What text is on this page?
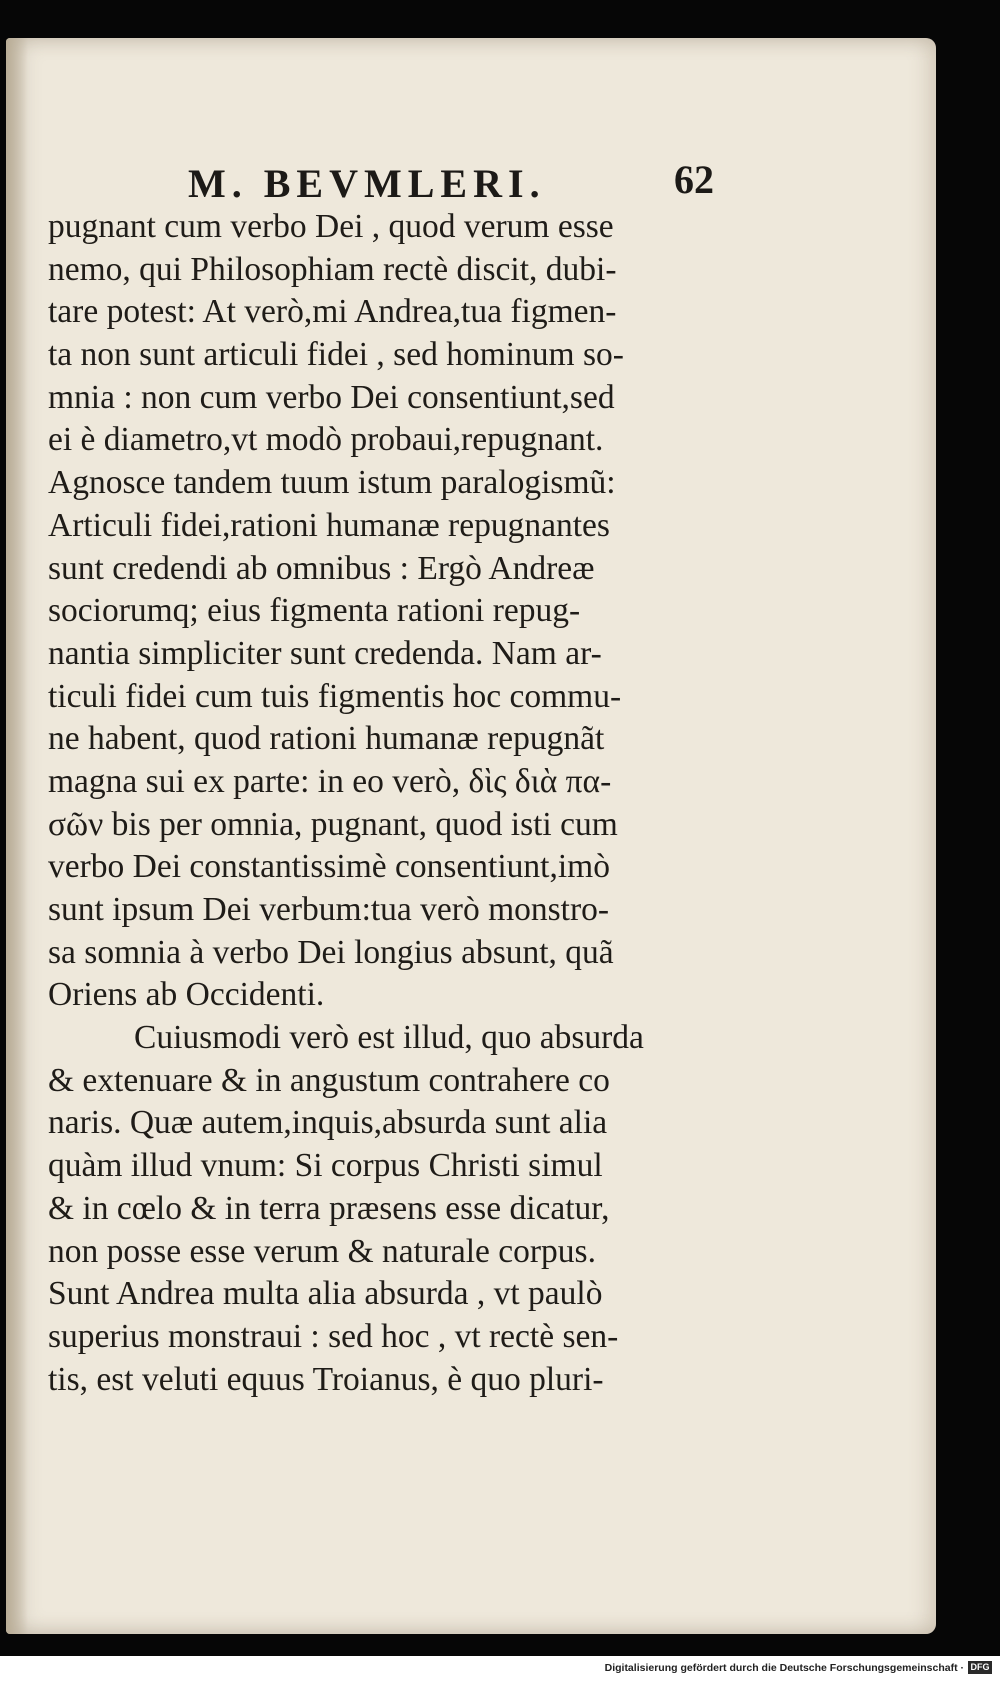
M. BEVMLERI.	62
pugnant cum verbo Dei , quod verum esse
nemo, qui Philosophiam rectè discit, dubi-
tare potest: At verò,mi Andrea,tua figmen-
ta non sunt articuli fidei , sed hominum so-
mnia : non cum verbo Dei consentiunt,sed
ei è diametro,vt modò probaui,repugnant.
Agnosce tandem tuum istum paralogismũ:
Articuli fidei,rationi humanæ repugnantes
sunt credendi ab omnibus : Ergò Andreæ
sociorumq; eius figmenta rationi repug-
nantia simpliciter sunt credenda. Nam ar-
ticuli fidei cum tuis figmentis hoc commu-
ne habent, quod rationi humanæ repugnãt
magna sui ex parte: in eo verò, δὶς διὰ πα-
σῶν bis per omnia, pugnant, quod isti cum
verbo Dei constantissimè consentiunt,imò
sunt ipsum Dei verbum:tua verò monstro-
sa somnia à verbo Dei longius absunt, quã
Oriens ab Occidenti.
Cuiusmodi verò est illud, quo absurda
& extenuare & in angustum contrahere co
naris. Quæ autem,inquis,absurda sunt alia
quàm illud vnum: Si corpus Christi simul
& in cœlo & in terra præsens esse dicatur,
non posse esse verum & naturale corpus.
Sunt Andrea multa alia absurda , vt paulò
superius monstraui : sed hoc , vt rectè sen-
tis, est veluti equus Troianus, è quo pluri-
Digitalisierung gefördert durch die Deutsche Forschungsgemeinschaft · DFG
